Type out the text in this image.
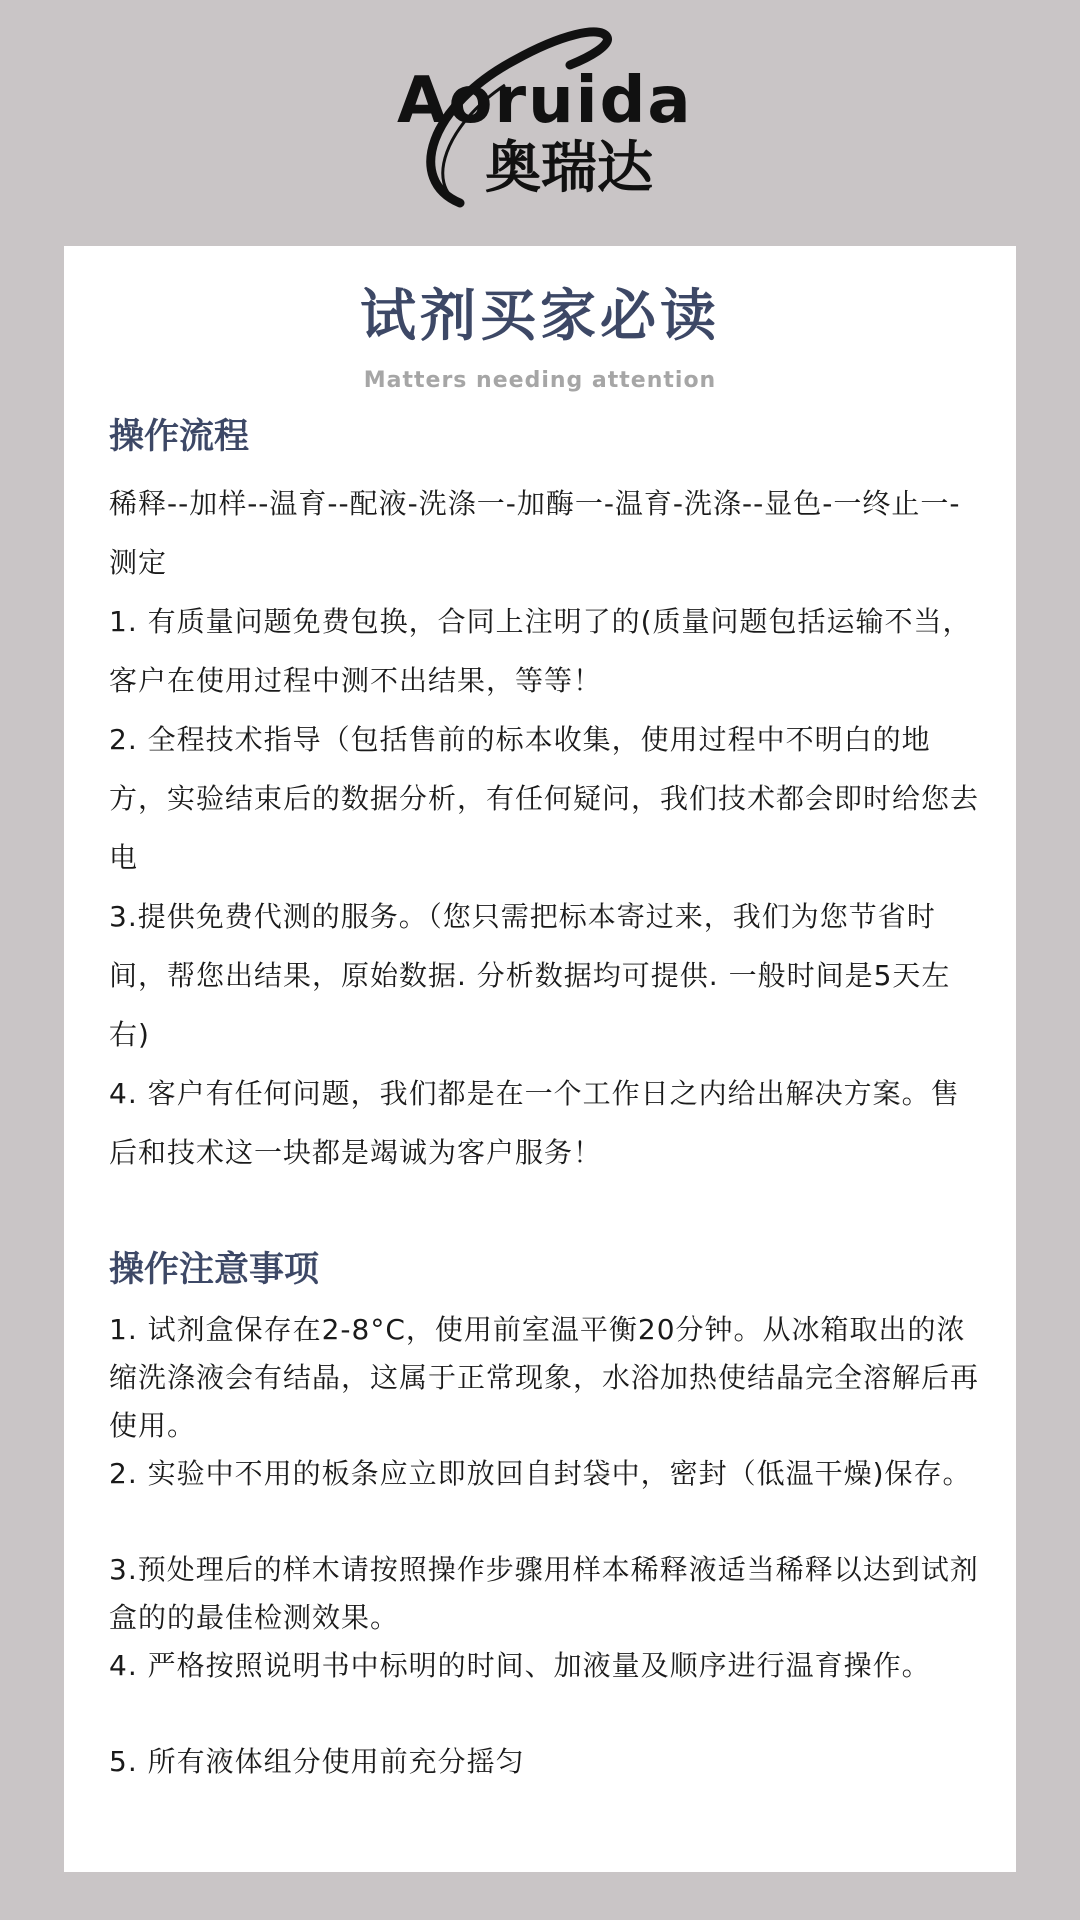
Aoruida
奥瑞达
试剂买家必读
Matters needing attention
操作流程
稀释--加样--温育--配液-洗涤一-加酶一-温育-洗涤--显色-一终止一-测定
1. 有质量问题免费包换，合同上注明了的(质量问题包括运输不当，客户在使用过程中测不出结果，等等！
2. 全程技术指导（包括售前的标本收集，使用过程中不明白的地方，实验结束后的数据分析，有任何疑问，我们技术都会即时给您去电
3.提供免费代测的服务。（您只需把标本寄过来，我们为您节省时间，帮您出结果，原始数据. 分析数据均可提供. 一般时间是5天左右)
4. 客户有任何问题，我们都是在一个工作日之内给出解决方案。售后和技术这一块都是竭诚为客户服务！
操作注意事项
1. 试剂盒保存在2-8°C，使用前室温平衡20分钟。从冰箱取出的浓缩洗涤液会有结晶，这属于正常现象，水浴加热使结晶完全溶解后再使用。
2. 实验中不用的板条应立即放回自封袋中，密封（低温干燥)保存。
3.预处理后的样木请按照操作步骤用样本稀释液适当稀释以达到试剂盒的的最佳检测效果。
4. 严格按照说明书中标明的时间、加液量及顺序进行温育操作。
5. 所有液体组分使用前充分摇匀
